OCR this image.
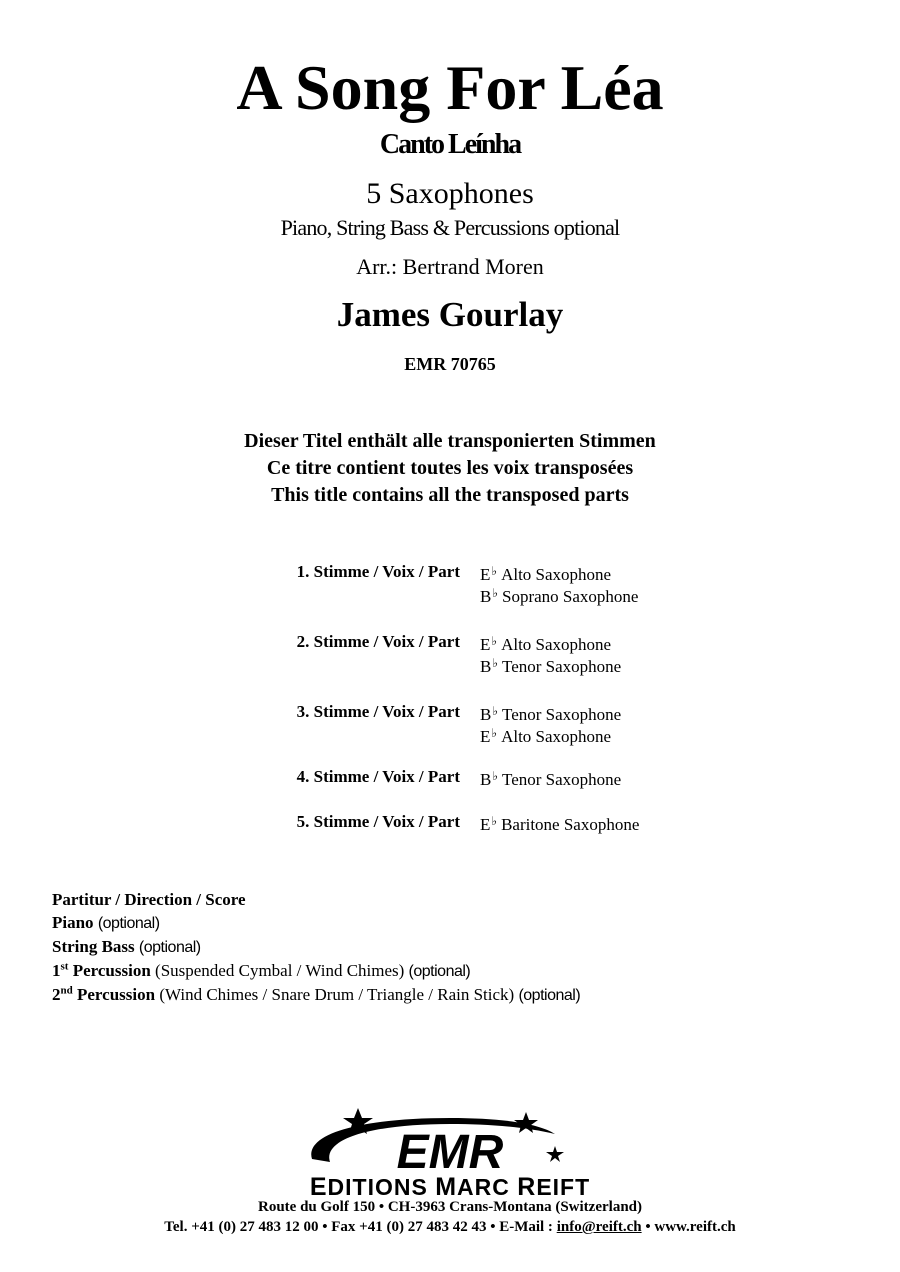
A Song For Léa
Canto Leínha
5 Saxophones
Piano, String Bass & Percussions optional
Arr.: Bertrand Moren
James Gourlay
EMR 70765
Dieser Titel enthält alle transponierten Stimmen
Ce titre contient toutes les voix transposées
This title contains all the transposed parts
1. Stimme / Voix / Part E♭ Alto Saxophone
B♭ Soprano Saxophone
2. Stimme / Voix / Part E♭ Alto Saxophone
B♭ Tenor Saxophone
3. Stimme / Voix / Part B♭ Tenor Saxophone
E♭ Alto Saxophone
4. Stimme / Voix / Part B♭ Tenor Saxophone
5. Stimme / Voix / Part E♭ Baritone Saxophone
Partitur / Direction / Score
Piano (optional)
String Bass (optional)
1st Percussion (Suspended Cymbal / Wind Chimes) (optional)
2nd Percussion (Wind Chimes / Snare Drum / Triangle / Rain Stick) (optional)
EMR
EDITIONS MARC REIFT
Route du Golf 150 • CH-3963 Crans-Montana (Switzerland)
Tel. +41 (0) 27 483 12 00 • Fax +41 (0) 27 483 42 43 • E-Mail : info@reift.ch • www.reift.ch
